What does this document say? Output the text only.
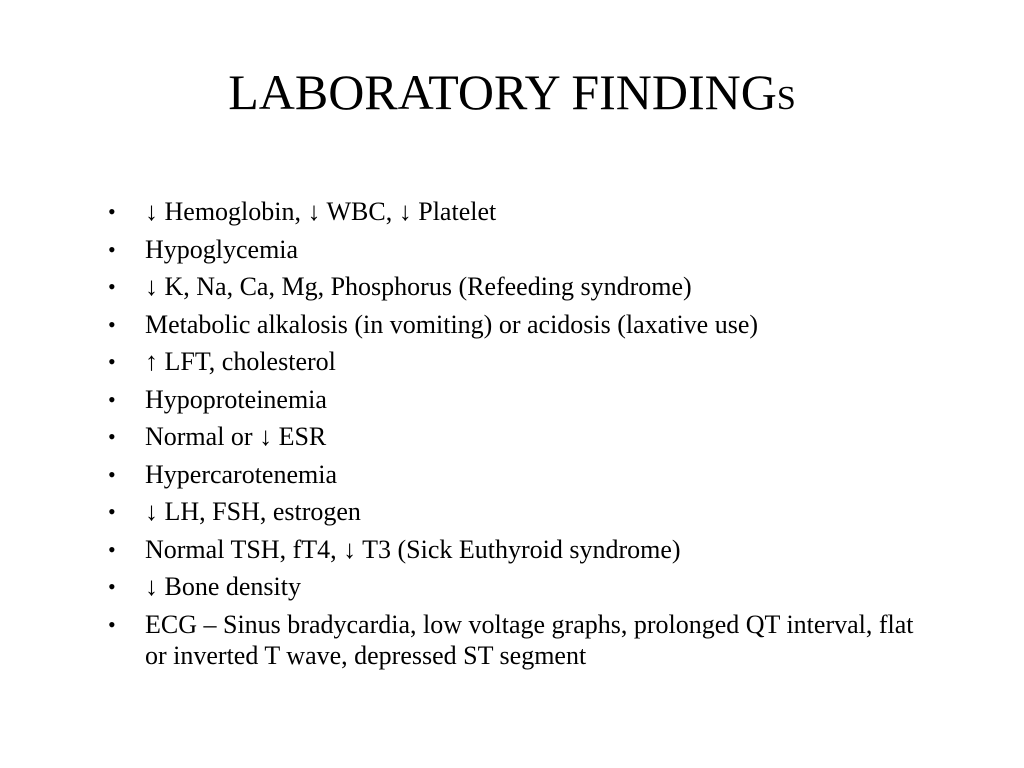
LABORATORY FINDINGS
• ↓ Hemoglobin, ↓ WBC, ↓ Platelet
• Hypoglycemia
• ↓ K, Na, Ca, Mg, Phosphorus (Refeeding syndrome)
• Metabolic alkalosis (in vomiting) or acidosis (laxative use)
• ↑ LFT, cholesterol
• Hypoproteinemia
• Normal or ↓ ESR
• Hypercarotenemia
• ↓ LH, FSH, estrogen
• Normal TSH, fT4, ↓ T3 (Sick Euthyroid syndrome)
• ↓ Bone density
• ECG – Sinus bradycardia, low voltage graphs, prolonged QT interval, flat or inverted T wave, depressed ST segment
